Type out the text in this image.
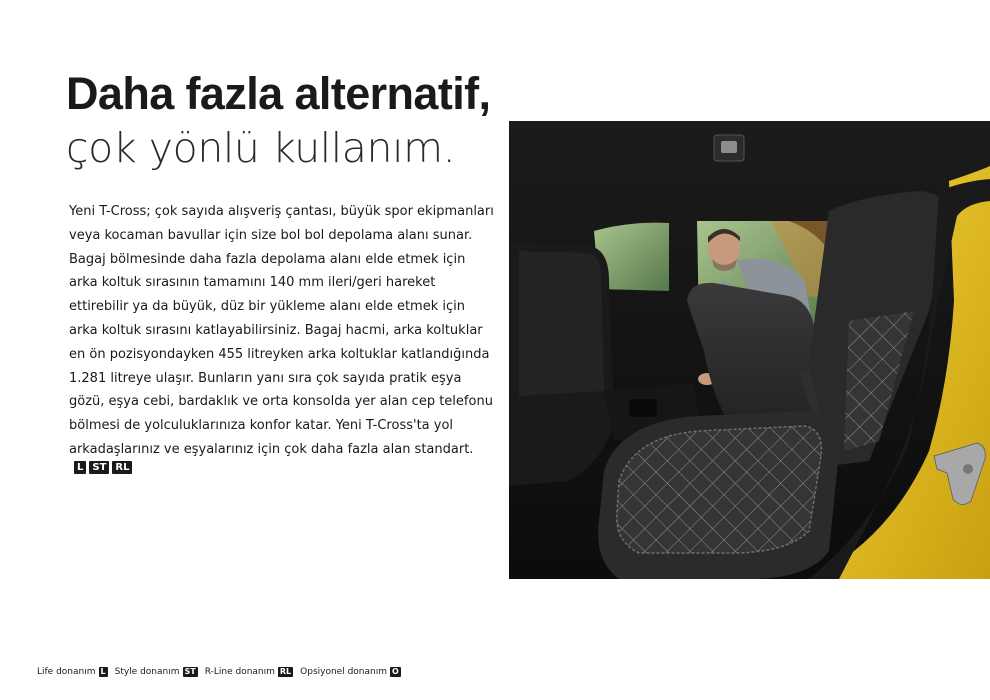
Daha fazla alternatif,
çok yönlü kullanım.
Yeni T-Cross; çok sayıda alışveriş çantası, büyük spor ekipmanları
veya kocaman bavullar için size bol bol depolama alanı sunar.
Bagaj bölmesinde daha fazla depolama alanı elde etmek için
arka koltuk sırasının tamamını 140 mm ileri/geri hareket
ettirebilir ya da büyük, düz bir yükleme alanı elde etmek için
arka koltuk sırasını katlayabilirsiniz. Bagaj hacmi, arka koltuklar
en ön pozisyondayken 455 litreyken arka koltuklar katlandığında
1.281 litreye ulaşır. Bunların yanı sıra çok sayıda pratik eşya
gözü, eşya cebi, bardaklık ve orta konsolda yer alan cep telefonu
bölmesi de yolculuklarınıza konfor katar. Yeni T-Cross'ta yol
arkadaşlarınız ve eşyalarınız için çok daha fazla alan standart.
L ST RL
Life donanım L Style donanım ST R-Line donanım RL Opsiyonel donanım O
